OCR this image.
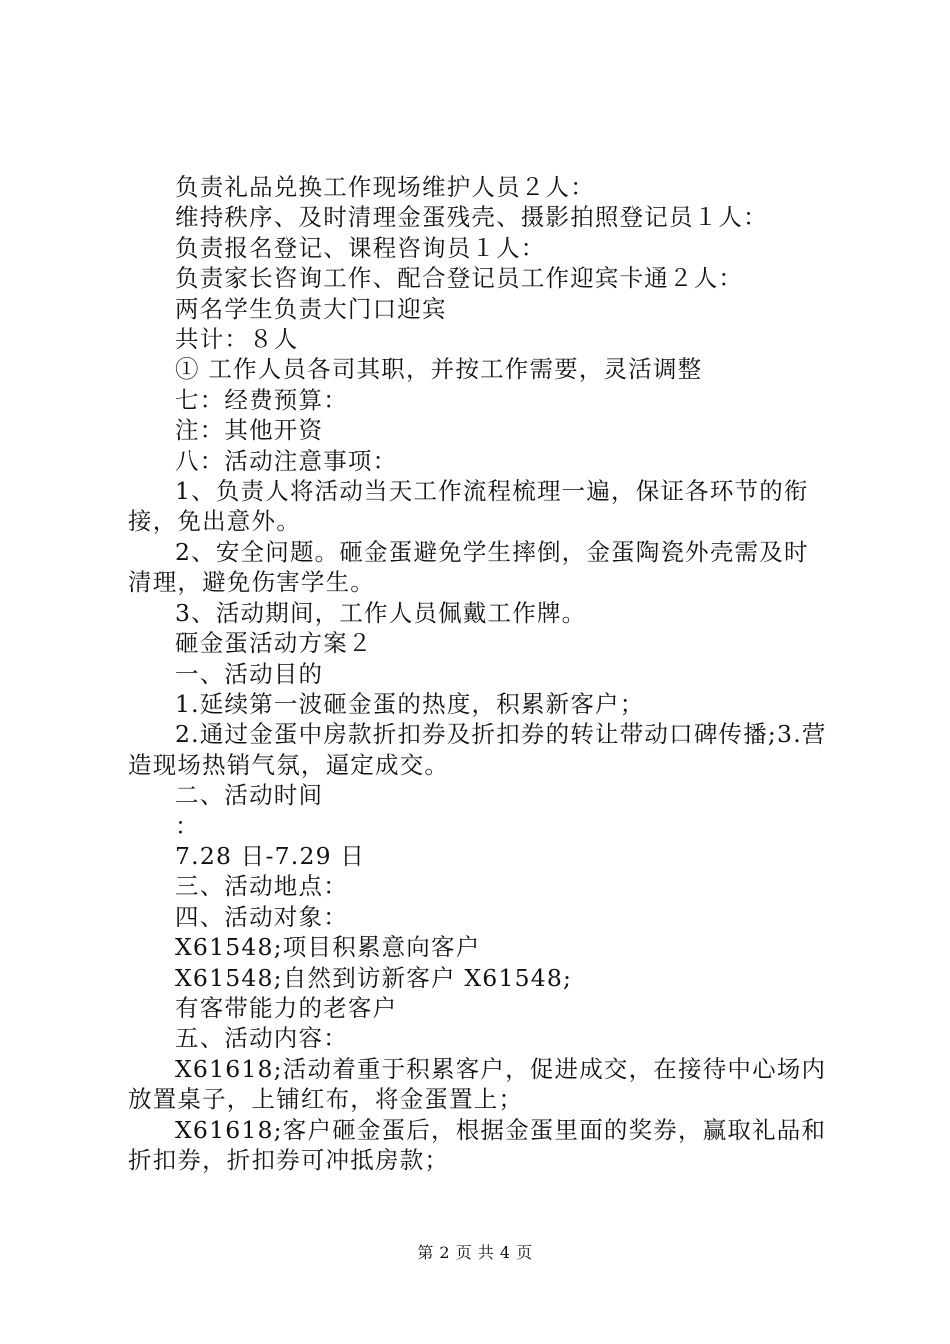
负责礼品兑换工作现场维护人员２人：

维持秩序、及时清理金蛋残壳、摄影拍照登记员１人：

负责报名登记、课程咨询员１人：

负责家长咨询工作、配合登记员工作迎宾卡通２人：

两名学生负责大门口迎宾

共计：８人

① 工作人员各司其职，并按工作需要，灵活调整

七：经费预算：

注：其他开资

八：活动注意事项：

1、负责人将活动当天工作流程梳理一遍，保证各环节的衔接，免出意外。

2、安全问题。砸金蛋避免学生摔倒，金蛋陶瓷外壳需及时清理，避免伤害学生。

3、活动期间，工作人员佩戴工作牌。

砸金蛋活动方案２

一、活动目的

1.延续第一波砸金蛋的热度，积累新客户；

2.通过金蛋中房款折扣券及折扣券的转让带动口碑传播;3.营造现场热销气氛，逼定成交。

二、活动时间

：

7.28 日-7.29 日

三、活动地点：

四、活动对象：

X61548;项目积累意向客户

X61548;自然到访新客户 X61548;

有客带能力的老客户

五、活动内容：

X61618;活动着重于积累客户，促进成交，在接待中心场内放置桌子，上铺红布，将金蛋置上；

X61618;客户砸金蛋后，根据金蛋里面的奖券，赢取礼品和折扣券，折扣券可冲抵房款；

第 2 页 共 4 页
